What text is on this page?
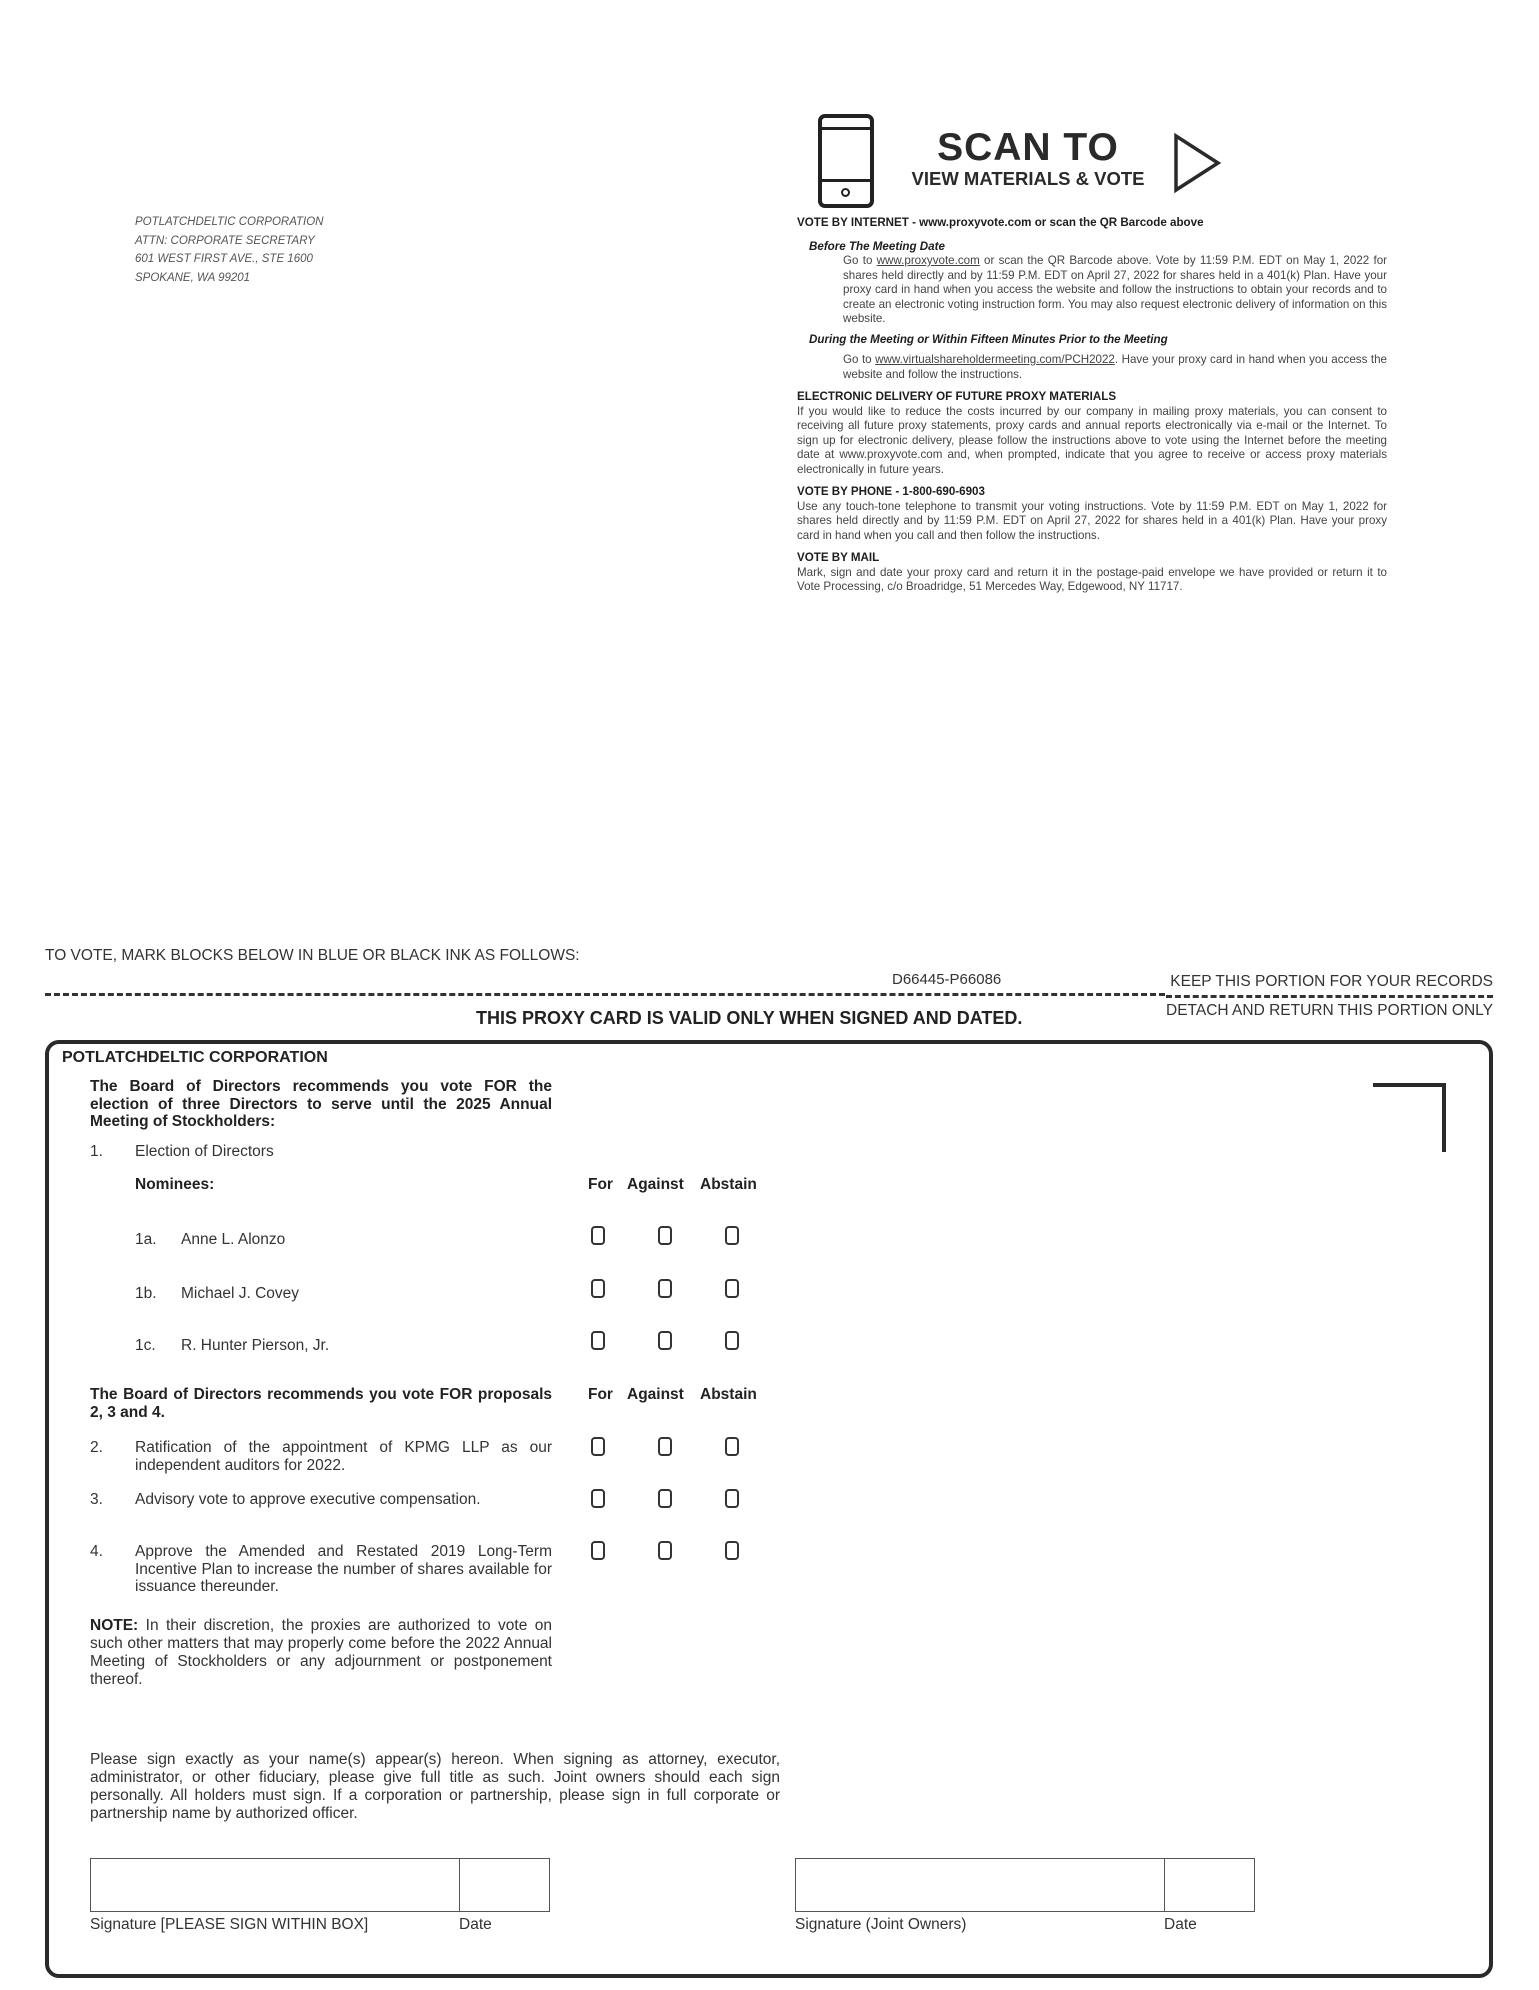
POTLATCHDELTIC CORPORATION
ATTN: CORPORATE SECRETARY
601 WEST FIRST AVE., STE 1600
SPOKANE, WA 99201
SCAN TO
VIEW MATERIALS & VOTE
VOTE BY INTERNET - www.proxyvote.com or scan the QR Barcode above
Before The Meeting Date
Go to www.proxyvote.com or scan the QR Barcode above. Vote by 11:59 P.M. EDT on May 1, 2022 for shares held directly and by 11:59 P.M. EDT on April 27, 2022 for shares held in a 401(k) Plan. Have your proxy card in hand when you access the website and follow the instructions to obtain your records and to create an electronic voting instruction form. You may also request electronic delivery of information on this website.
During the Meeting or Within Fifteen Minutes Prior to the Meeting
Go to www.virtualshareholdermeeting.com/PCH2022. Have your proxy card in hand when you access the website and follow the instructions.
ELECTRONIC DELIVERY OF FUTURE PROXY MATERIALS
If you would like to reduce the costs incurred by our company in mailing proxy materials, you can consent to receiving all future proxy statements, proxy cards and annual reports electronically via e-mail or the Internet. To sign up for electronic delivery, please follow the instructions above to vote using the Internet before the meeting date at www.proxyvote.com and, when prompted, indicate that you agree to receive or access proxy materials electronically in future years.
VOTE BY PHONE - 1-800-690-6903
Use any touch-tone telephone to transmit your voting instructions. Vote by 11:59 P.M. EDT on May 1, 2022 for shares held directly and by 11:59 P.M. EDT on April 27, 2022 for shares held in a 401(k) Plan. Have your proxy card in hand when you call and then follow the instructions.
VOTE BY MAIL
Mark, sign and date your proxy card and return it in the postage-paid envelope we have provided or return it to Vote Processing, c/o Broadridge, 51 Mercedes Way, Edgewood, NY 11717.
TO VOTE, MARK BLOCKS BELOW IN BLUE OR BLACK INK AS FOLLOWS:
D66445-P66086	KEEP THIS PORTION FOR YOUR RECORDS
DETACH AND RETURN THIS PORTION ONLY
THIS PROXY CARD IS VALID ONLY WHEN SIGNED AND DATED.
POTLATCHDELTIC CORPORATION
The Board of Directors recommends you vote FOR the election of three Directors to serve until the 2025 Annual Meeting of Stockholders:
1. Election of Directors
Nominees:	For Against Abstain
1a. Anne L. Alonzo
1b. Michael J. Covey
1c. R. Hunter Pierson, Jr.
The Board of Directors recommends you vote FOR proposals 2, 3 and 4.
For Against Abstain
2. Ratification of the appointment of KPMG LLP as our independent auditors for 2022.
3. Advisory vote to approve executive compensation.
4. Approve the Amended and Restated 2019 Long-Term Incentive Plan to increase the number of shares available for issuance thereunder.
NOTE: In their discretion, the proxies are authorized to vote on such other matters that may properly come before the 2022 Annual Meeting of Stockholders or any adjournment or postponement thereof.
Please sign exactly as your name(s) appear(s) hereon. When signing as attorney, executor, administrator, or other fiduciary, please give full title as such. Joint owners should each sign personally. All holders must sign. If a corporation or partnership, please sign in full corporate or partnership name by authorized officer.
Signature [PLEASE SIGN WITHIN BOX]	Date	Signature (Joint Owners)	Date
